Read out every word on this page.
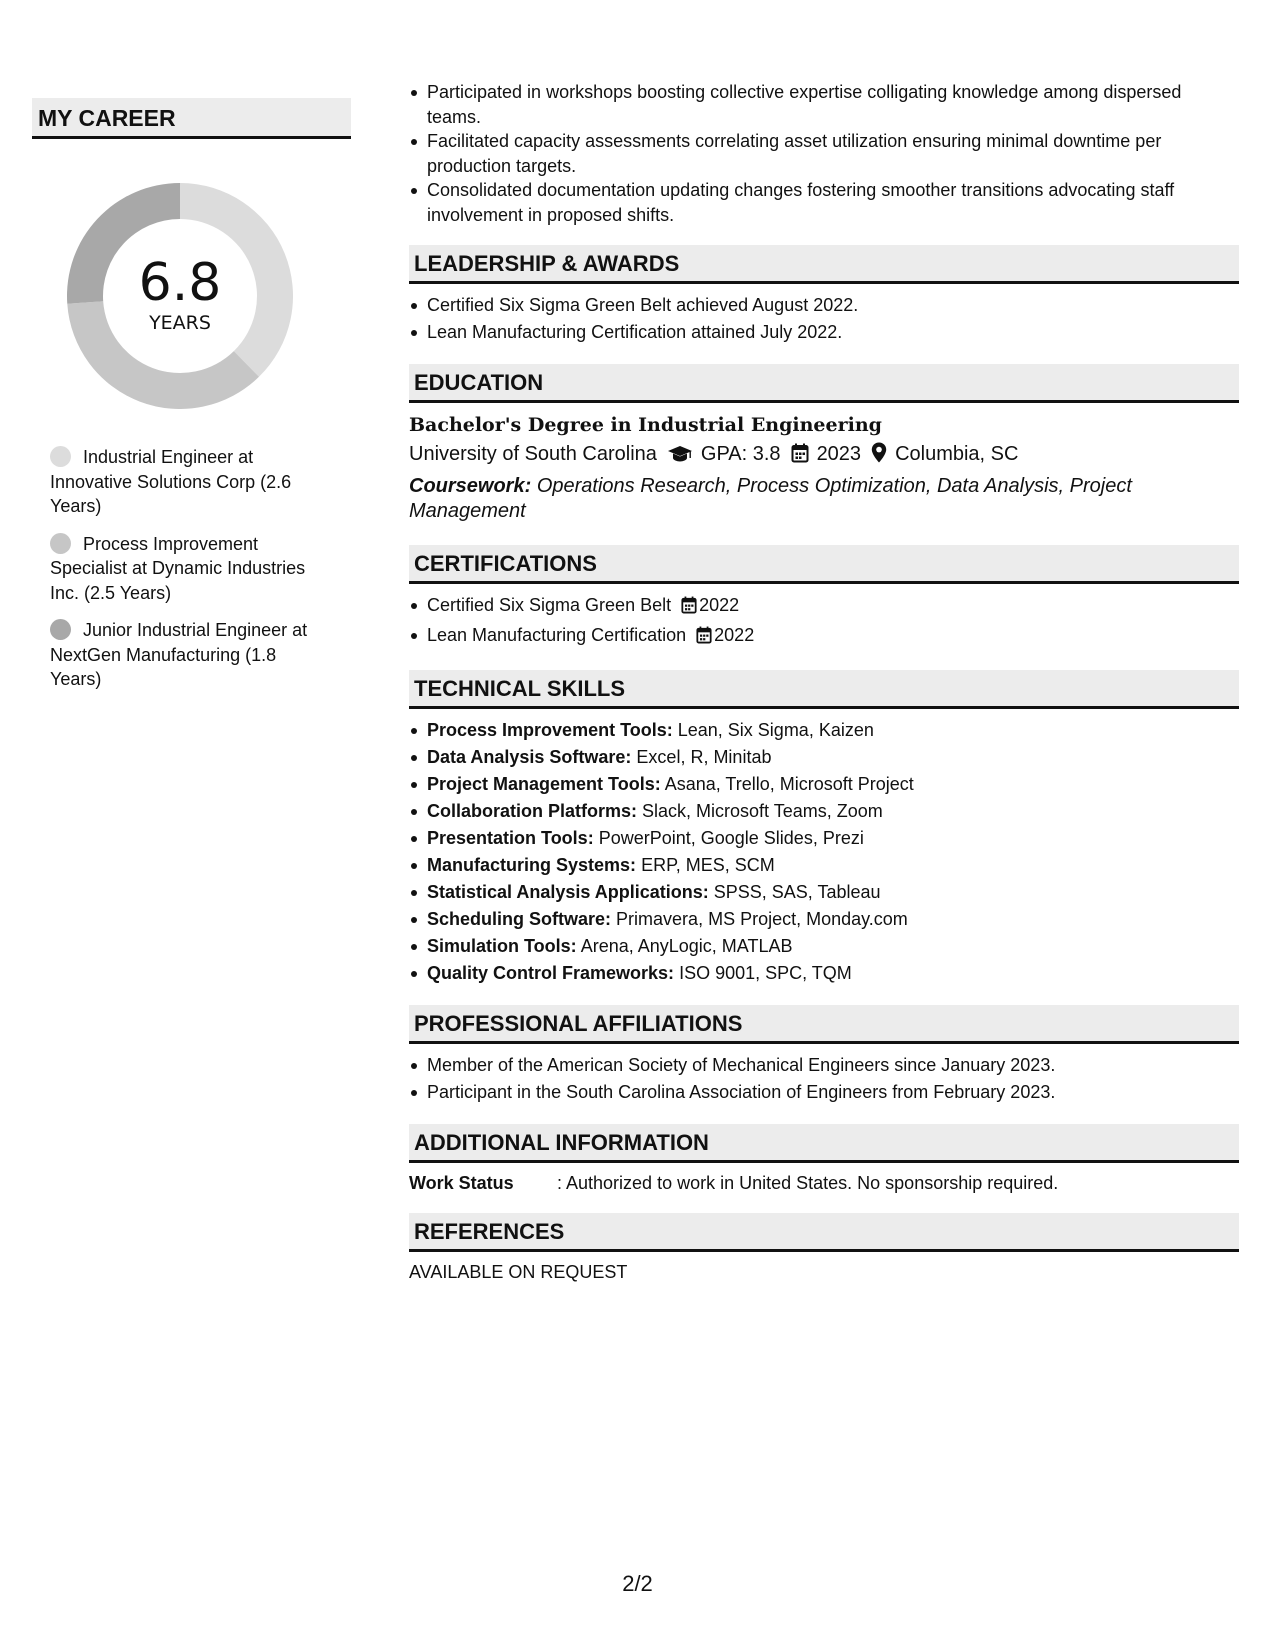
MY CAREER
6.8
YEARS
Industrial Engineer at Innovative Solutions Corp (2.6 Years)
Process Improvement Specialist at Dynamic Industries Inc. (2.5 Years)
Junior Industrial Engineer at NextGen Manufacturing (1.8 Years)
Participated in workshops boosting collective expertise colligating knowledge among dispersed teams.
Facilitated capacity assessments correlating asset utilization ensuring minimal downtime per production targets.
Consolidated documentation updating changes fostering smoother transitions advocating staff involvement in proposed shifts.
LEADERSHIP & AWARDS
Certified Six Sigma Green Belt achieved August 2022.
Lean Manufacturing Certification attained July 2022.
EDUCATION
Bachelor's Degree in Industrial Engineering
University of South Carolina GPA: 3.8 2023 Columbia, SC
Coursework: Operations Research, Process Optimization, Data Analysis, Project Management
CERTIFICATIONS
Certified Six Sigma Green Belt 2022
Lean Manufacturing Certification 2022
TECHNICAL SKILLS
Process Improvement Tools: Lean, Six Sigma, Kaizen
Data Analysis Software: Excel, R, Minitab
Project Management Tools: Asana, Trello, Microsoft Project
Collaboration Platforms: Slack, Microsoft Teams, Zoom
Presentation Tools: PowerPoint, Google Slides, Prezi
Manufacturing Systems: ERP, MES, SCM
Statistical Analysis Applications: SPSS, SAS, Tableau
Scheduling Software: Primavera, MS Project, Monday.com
Simulation Tools: Arena, AnyLogic, MATLAB
Quality Control Frameworks: ISO 9001, SPC, TQM
PROFESSIONAL AFFILIATIONS
Member of the American Society of Mechanical Engineers since January 2023.
Participant in the South Carolina Association of Engineers from February 2023.
ADDITIONAL INFORMATION
Work Status : Authorized to work in United States. No sponsorship required.
REFERENCES
AVAILABLE ON REQUEST
2/2
